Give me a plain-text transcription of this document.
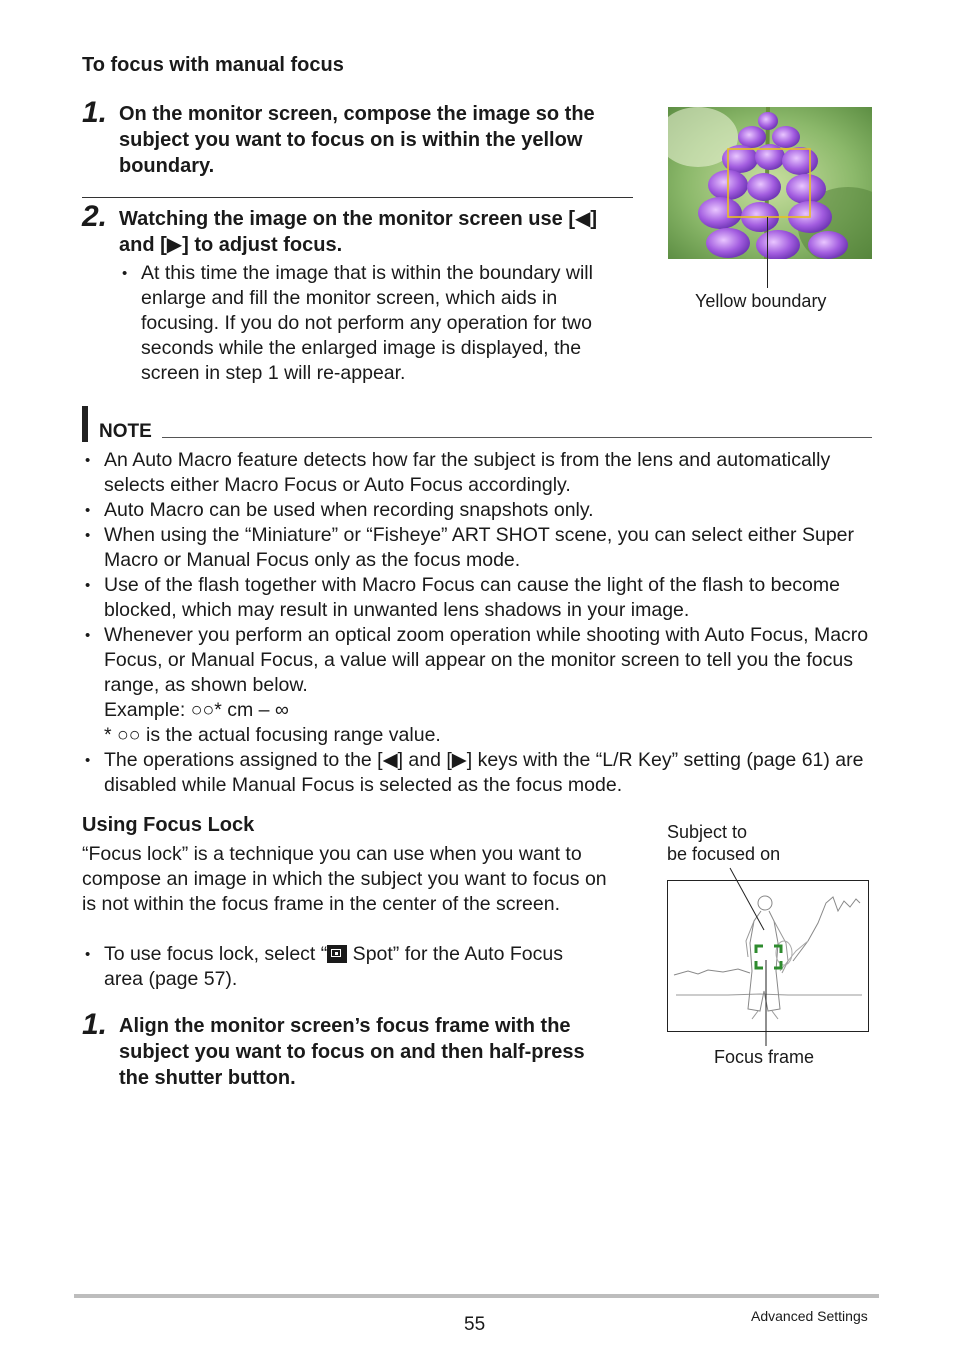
To focus with manual focus
1. On the monitor screen, compose the image so the subject you want to focus on is within the yellow boundary.
2. Watching the image on the monitor screen use [◀] and [▶] to adjust focus.
• At this time the image that is within the boundary will enlarge and fill the monitor screen, which aids in focusing. If you do not perform any operation for two seconds while the enlarged image is displayed, the screen in step 1 will re-appear.
Yellow boundary
NOTE
• An Auto Macro feature detects how far the subject is from the lens and automatically selects either Macro Focus or Auto Focus accordingly.
• Auto Macro can be used when recording snapshots only.
• When using the “Miniature” or “Fisheye” ART SHOT scene, you can select either Super Macro or Manual Focus only as the focus mode.
• Use of the flash together with Macro Focus can cause the light of the flash to become blocked, which may result in unwanted lens shadows in your image.
• Whenever you perform an optical zoom operation while shooting with Auto Focus, Macro Focus, or Manual Focus, a value will appear on the monitor screen to tell you the focus range, as shown below.
Example: ○○* cm – ∞
* ○○ is the actual focusing range value.
• The operations assigned to the [◀] and [▶] keys with the “L/R Key” setting (page 61) are disabled while Manual Focus is selected as the focus mode.
Using Focus Lock
“Focus lock” is a technique you can use when you want to compose an image in which the subject you want to focus on is not within the focus frame in the center of the screen.
• To use focus lock, select “
Spot” for the Auto Focus area (page 57).
1. Align the monitor screen’s focus frame with the subject you want to focus on and then half-press the shutter button.
Subject to
be focused on
Focus frame
55	Advanced Settings
